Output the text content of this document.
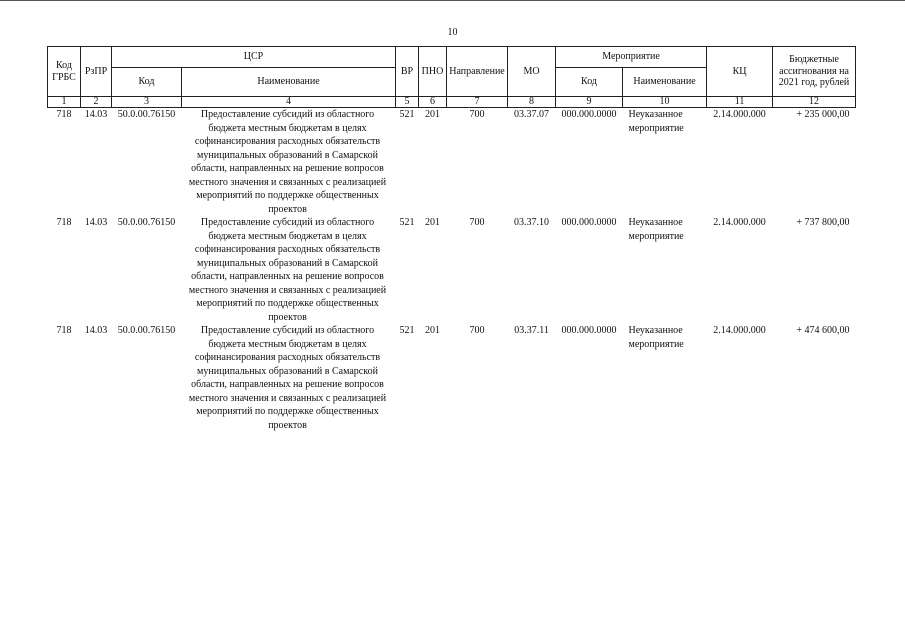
10
Код ГРБС	РзПР	ЦСР		ВР	ПНО	Направление	МО	Мероприятие		КЦ	Бюджетные ассигнования на 2021 год, рублей
		Код	Наименование					Код	Наименование		
1	2	3	4	5	6	7	8	9	10	11	12
718	14.03	50.0.00.76150	Предоставление субсидий из областного бюджета местным бюджетам в целях софинансирования расходных обязательств муниципальных образований в Самарской области, направленных на решение вопросов местного значения и связанных с реализацией мероприятий по поддержке общественных проектов	521	201	700	03.37.07	000.000.0000	Неуказанное мероприятие	2.14.000.000	+ 235 000,00
718	14.03	50.0.00.76150	Предоставление субсидий из областного бюджета местным бюджетам в целях софинансирования расходных обязательств муниципальных образований в Самарской области, направленных на решение вопросов местного значения и связанных с реализацией мероприятий по поддержке общественных проектов	521	201	700	03.37.10	000.000.0000	Неуказанное мероприятие	2.14.000.000	+ 737 800,00
718	14.03	50.0.00.76150	Предоставление субсидий из областного бюджета местным бюджетам в целях софинансирования расходных обязательств муниципальных образований в Самарской области, направленных на решение вопросов местного значения и связанных с реализацией мероприятий по поддержке общественных проектов	521	201	700	03.37.11	000.000.0000	Неуказанное мероприятие	2.14.000.000	+ 474 600,00
